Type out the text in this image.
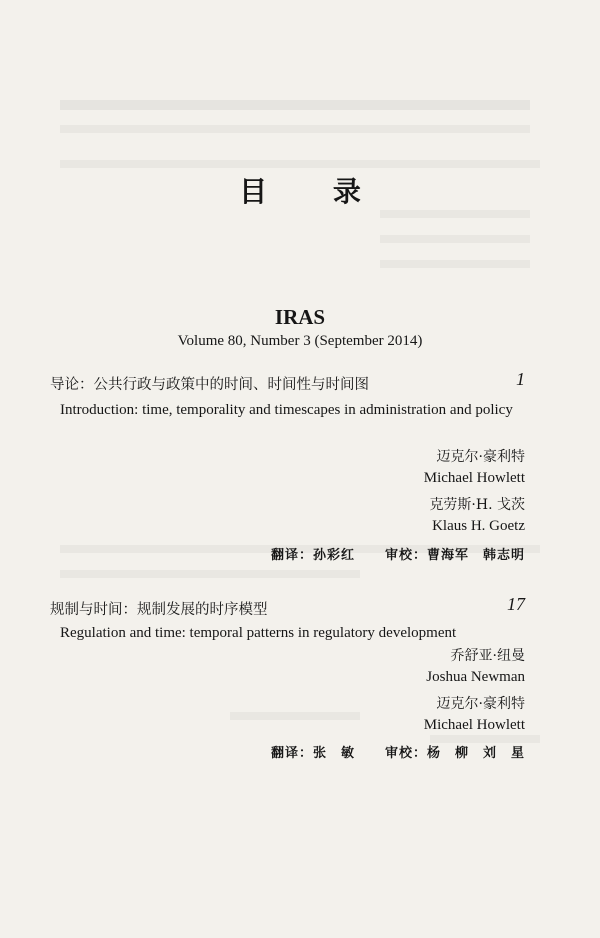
目 录
IRAS
Volume 80, Number 3 (September 2014)
导论：公共行政与政策中的时间、时间性与时间图	1
Introduction: time, temporality and timescapes in administration and policy
迈克尔·豪利特
Michael Howlett
克劳斯·H. 戈茨
Klaus H. Goetz
翻译：孙彩红 审校：曹海军 韩志明
规制与时间：规制发展的时序模型	17
Regulation and time: temporal patterns in regulatory development
乔舒亚·纽曼
Joshua Newman
迈克尔·豪利特
Michael Howlett
翻译：张　敏 审校：杨　柳　刘　星
